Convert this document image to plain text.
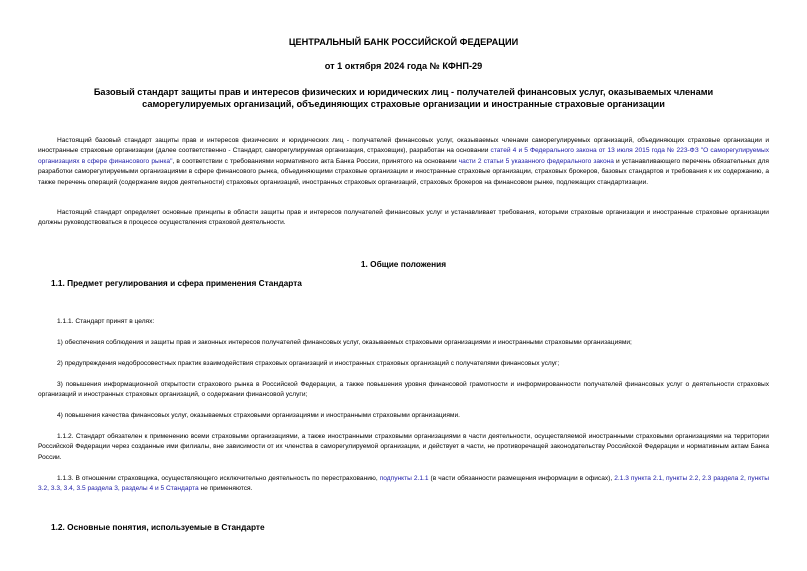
ЦЕНТРАЛЬНЫЙ БАНК РОССИЙСКОЙ ФЕДЕРАЦИИ
от 1 октября 2024 года № КФНП-29
Базовый стандарт защиты прав и интересов физических и юридических лиц - получателей финансовых услуг, оказываемых членами саморегулируемых организаций, объединяющих страховые организации и иностранные страховые организации
Настоящий базовый стандарт защиты прав и интересов физических и юридических лиц - получателей финансовых услуг, оказываемых членами саморегулируемых организаций, объединяющих страховые организации и иностранные страховые организации (далее соответственно - Стандарт, саморегулируемая организация, страховщик), разработан на основании статей 4 и 5 Федерального закона от 13 июля 2015 года № 223-ФЗ "О саморегулируемых организациях в сфере финансового рынка", в соответствии с требованиями нормативного акта Банка России, принятого на основании части 2 статьи 5 указанного федерального закона и устанавливающего перечень обязательных для разработки саморегулируемыми организациями в сфере финансового рынка, объединяющими страховые организации и иностранные страховые организации, страховых брокеров, базовых стандартов и требования к их содержанию, а также перечень операций (содержание видов деятельности) страховых организаций, иностранных страховых организаций, страховых брокеров на финансовом рынке, подлежащих стандартизации.
Настоящий стандарт определяет основные принципы в области защиты прав и интересов получателей финансовых услуг и устанавливает требования, которыми страховые организации и иностранные страховые организации должны руководствоваться в процессе осуществления страховой деятельности.
1. Общие положения
1.1. Предмет регулирования и сфера применения Стандарта
1.1.1. Стандарт принят в целях:
1) обеспечения соблюдения и защиты прав и законных интересов получателей финансовых услуг, оказываемых страховыми организациями и иностранными страховыми организациями;
2) предупреждения недобросовестных практик взаимодействия страховых организаций и иностранных страховых организаций с получателями финансовых услуг;
3) повышения информационной открытости страхового рынка в Российской Федерации, а также повышения уровня финансовой грамотности и информированности получателей финансовых услуг о деятельности страховых организаций и иностранных страховых организаций, о содержании финансовой услуги;
4) повышения качества финансовых услуг, оказываемых страховыми организациями и иностранными страховыми организациями.
1.1.2. Стандарт обязателен к применению всеми страховыми организациями, а также иностранными страховыми организациями в части деятельности, осуществляемой иностранными страховыми организациями на территории Российской Федерации через созданные ими филиалы, вне зависимости от их членства в саморегулируемой организации, и действует в части, не противоречащей законодательству Российской Федерации и нормативным актам Банка России.
1.1.3. В отношении страховщика, осуществляющего исключительно деятельность по перестрахованию, подпункты 2.1.1 (в части обязанности размещения информации в офисах), 2.1.3 пункта 2.1, пункты 2.2, 2.3 раздела 2, пункты 3.2, 3.3, 3.4, 3.5 раздела 3, разделы 4 и 5 Стандарта не применяются.
1.2. Основные понятия, используемые в Стандарте
